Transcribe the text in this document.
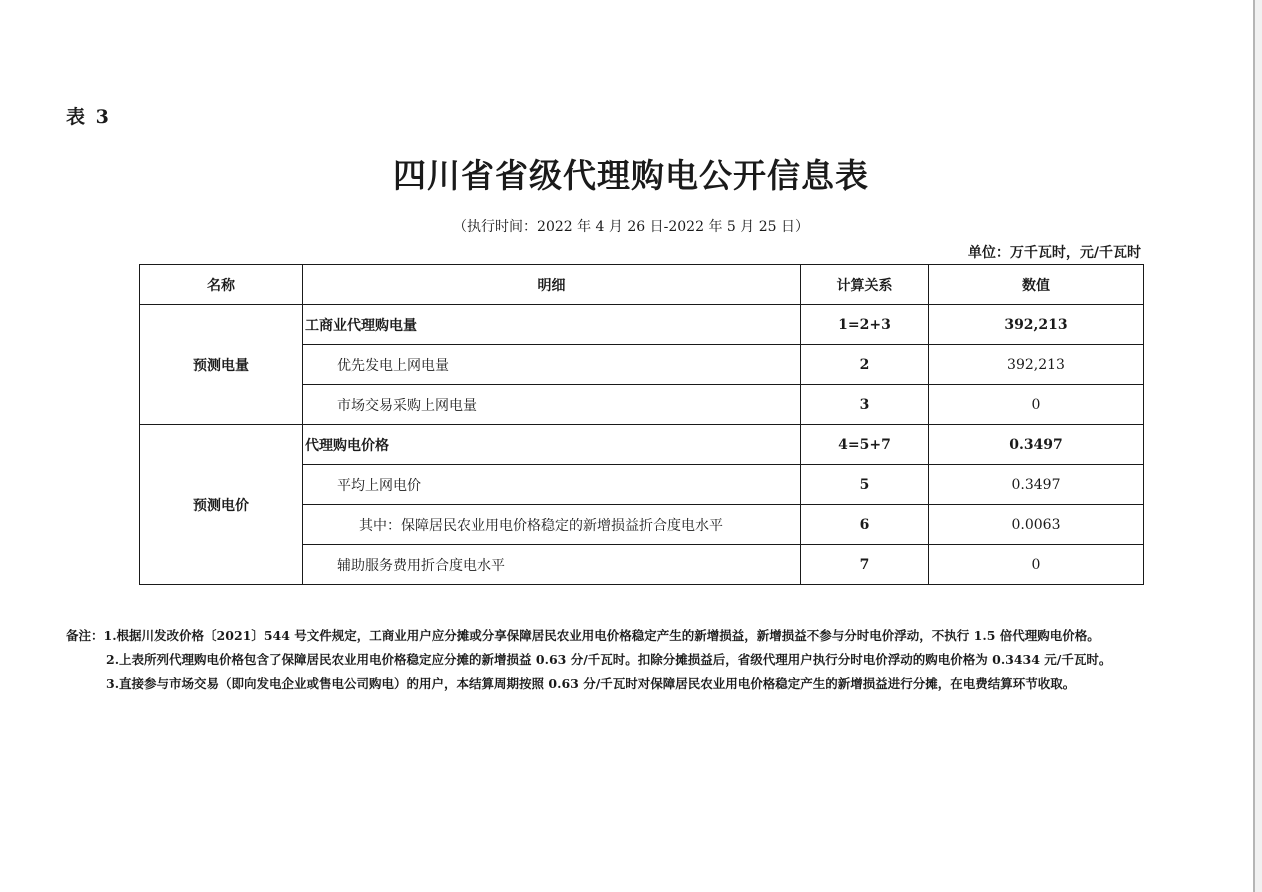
表 3
四川省省级代理购电公开信息表
（执行时间：2022 年 4 月 26 日-2022 年 5 月 25 日）
单位：万千瓦时，元/千瓦时
名称	明细	计算关系	数值
预测电量	工商业代理购电量	1=2+3	392,213
	优先发电上网电量	2	392,213
	市场交易采购上网电量	3	0
预测电价	代理购电价格	4=5+7	0.3497
	平均上网电价	5	0.3497
	其中：保障居民农业用电价格稳定的新增损益折合度电水平	6	0.0063
	辅助服务费用折合度电水平	7	0
备注：1.根据川发改价格〔2021〕544 号文件规定，工商业用户应分摊或分享保障居民农业用电价格稳定产生的新增损益，新增损益不参与分时电价浮动，不执行 1.5 倍代理购电价格。
2.上表所列代理购电价格包含了保障居民农业用电价格稳定应分摊的新增损益 0.63 分/千瓦时。扣除分摊损益后，省级代理用户执行分时电价浮动的购电价格为 0.3434 元/千瓦时。
3.直接参与市场交易（即向发电企业或售电公司购电）的用户，本结算周期按照 0.63 分/千瓦时对保障居民农业用电价格稳定产生的新增损益进行分摊，在电费结算环节收取。
